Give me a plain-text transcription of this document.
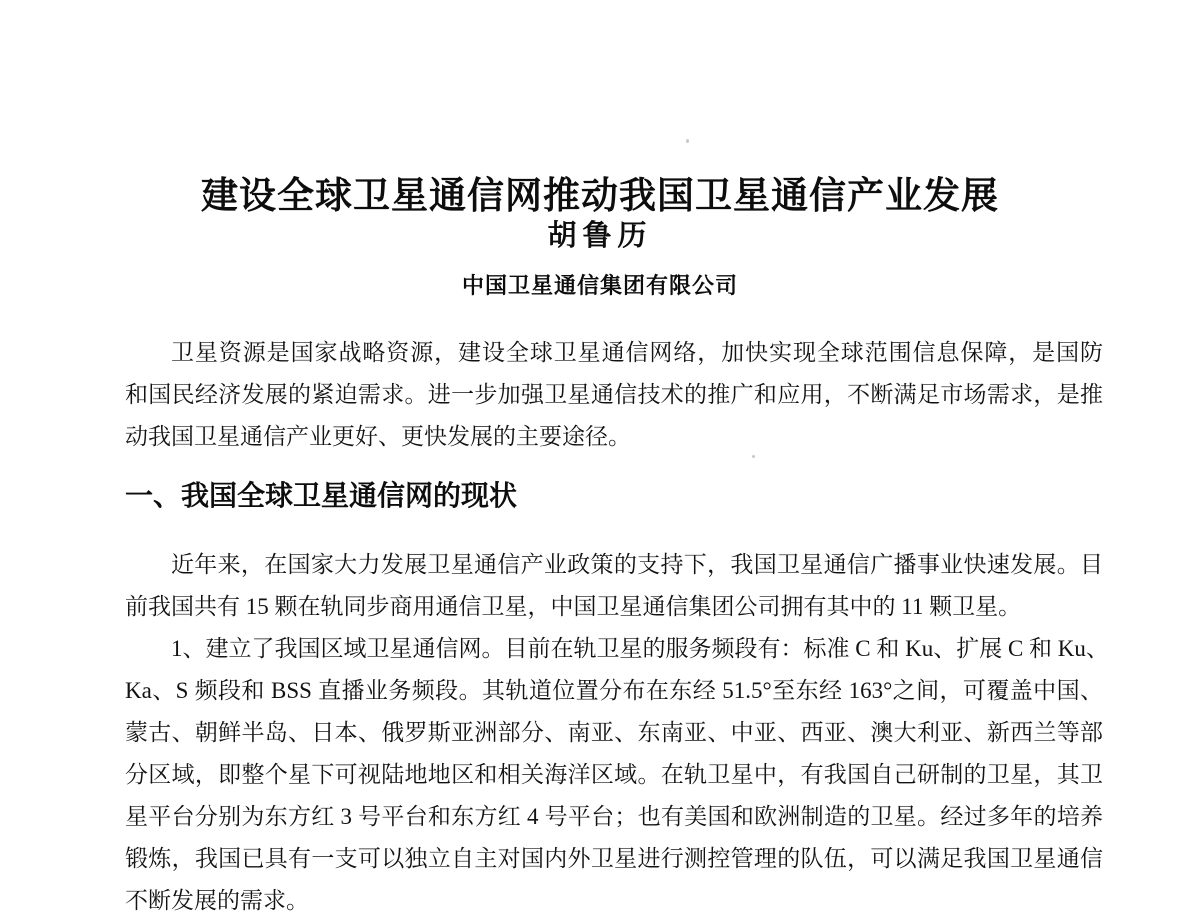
建设全球卫星通信网推动我国卫星通信产业发展
胡鲁历
中国卫星通信集团有限公司
卫星资源是国家战略资源，建设全球卫星通信网络，加快实现全球范围信息保障，是国防
和国民经济发展的紧迫需求。进一步加强卫星通信技术的推广和应用，不断满足市场需求，是推
动我国卫星通信产业更好、更快发展的主要途径。
一、我国全球卫星通信网的现状
近年来，在国家大力发展卫星通信产业政策的支持下，我国卫星通信广播事业快速发展。目
前我国共有 15 颗在轨同步商用通信卫星，中国卫星通信集团公司拥有其中的 11 颗卫星。
1、建立了我国区域卫星通信网。目前在轨卫星的服务频段有：标准 C 和 Ku、扩展 C 和 Ku、
Ka、S 频段和 BSS 直播业务频段。其轨道位置分布在东经 51.5°至东经 163°之间，可覆盖中国、
蒙古、朝鲜半岛、日本、俄罗斯亚洲部分、南亚、东南亚、中亚、西亚、澳大利亚、新西兰等部
分区域，即整个星下可视陆地地区和相关海洋区域。在轨卫星中，有我国自己研制的卫星，其卫
星平台分别为东方红 3 号平台和东方红 4 号平台；也有美国和欧洲制造的卫星。经过多年的培养
锻炼，我国已具有一支可以独立自主对国内外卫星进行测控管理的队伍，可以满足我国卫星通信
不断发展的需求。
